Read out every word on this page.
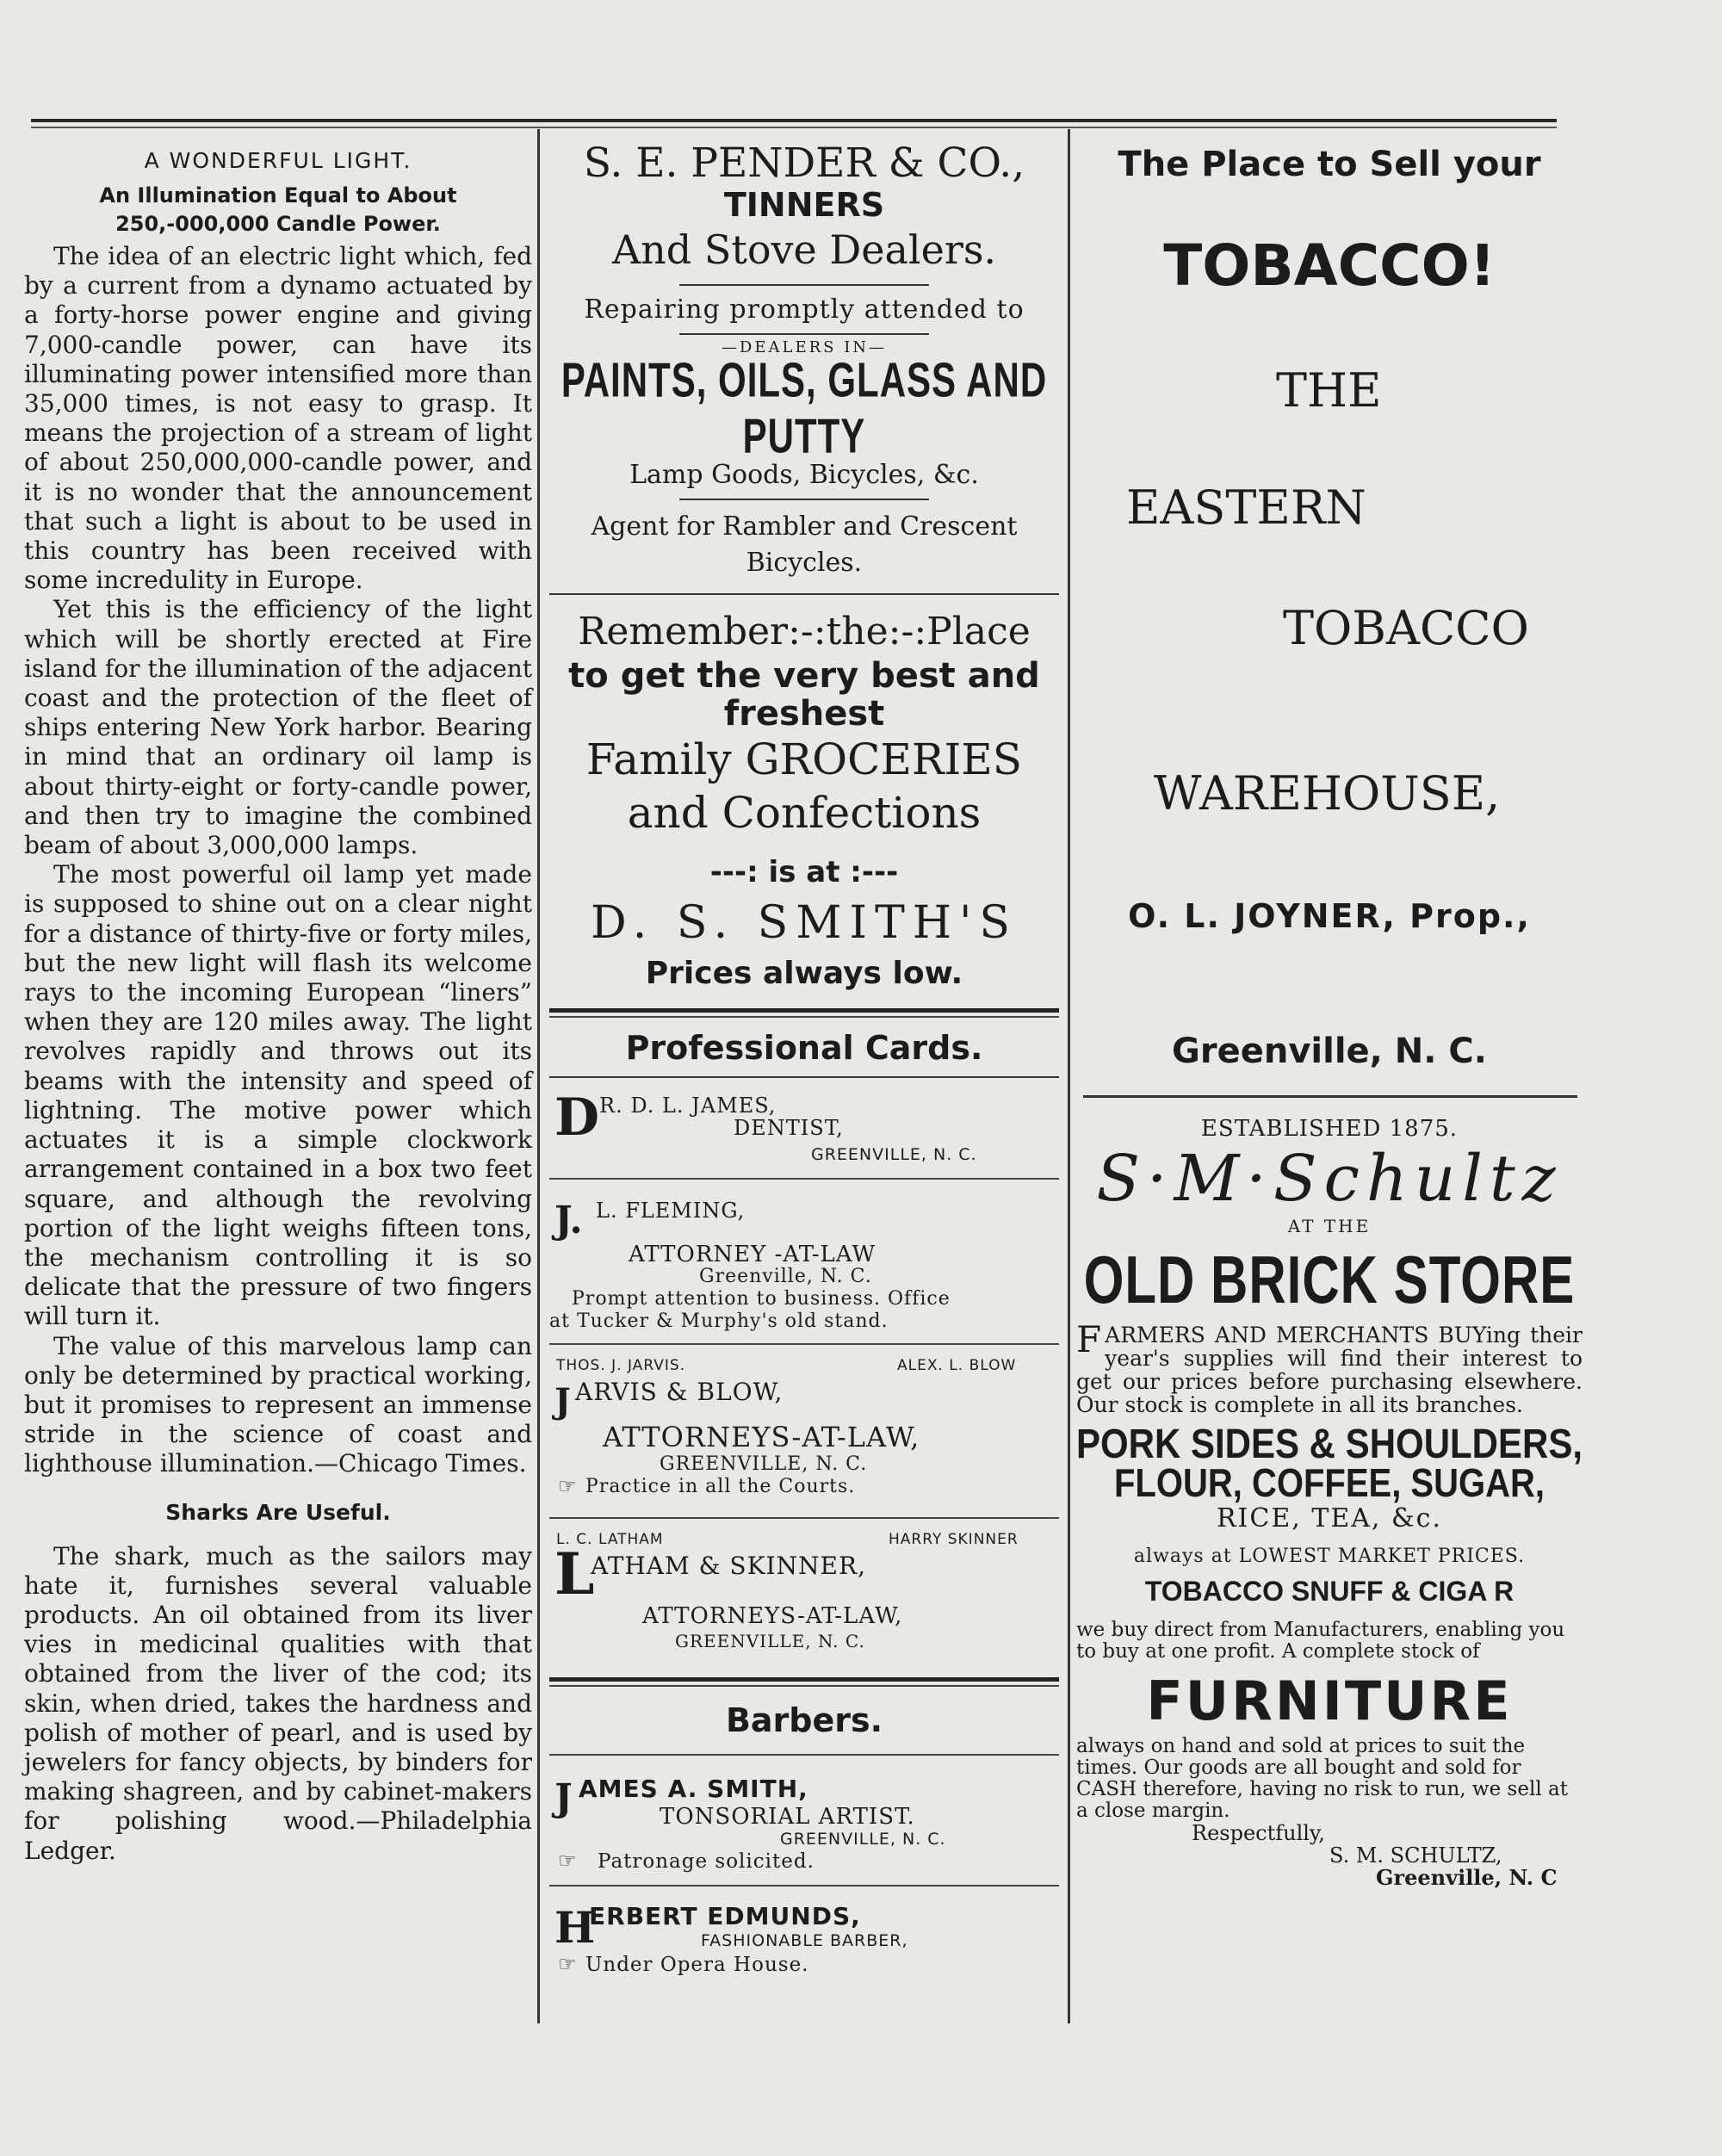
A WONDERFUL LIGHT.
An Illumination Equal to About 250,-000,000 Candle Power.

The idea of an electric light which, fed by a current from a dynamo actuated by a forty-horse power engine and giving 7,000-candle power, can have its illuminating power intensified more than 35,000 times, is not easy to grasp. It means the projection of a stream of light of about 250,000,000-candle power, and it is no wonder that the announcement that such a light is about to be used in this country has been received with some incredulity in Europe.

Yet this is the efficiency of the light which will be shortly erected at Fire island for the illumination of the adjacent coast and the protection of the fleet of ships entering New York harbor. Bearing in mind that an ordinary oil lamp is about thirty-eight or forty-candle power, and then try to imagine the combined beam of about 3,000,000 lamps.

The most powerful oil lamp yet made is supposed to shine out on a clear night for a distance of thirty-five or forty miles, but the new light will flash its welcome rays to the incoming European “liners” when they are 120 miles away. The light revolves rapidly and throws out its beams with the intensity and speed of lightning. The motive power which actuates it is a simple clockwork arrangement contained in a box two feet square, and although the revolving portion of the light weighs fifteen tons, the mechanism controlling it is so delicate that the pressure of two fingers will turn it.

The value of this marvelous lamp can only be determined by practical working, but it promises to represent an immense stride in the science of coast and lighthouse illumination.—Chicago Times.

Sharks Are Useful.

The shark, much as the sailors may hate it, furnishes several valuable products. An oil obtained from its liver vies in medicinal qualities with that obtained from the liver of the cod; its skin, when dried, takes the hardness and polish of mother of pearl, and is used by jewelers for fancy objects, by binders for making shagreen, and by cabinet-makers for polishing wood.—Philadelphia Ledger.

S. E. PENDER & CO.,
TINNERS
And Stove Dealers.
Repairing promptly attended to
—DEALERS IN—
PAINTS, OILS, GLASS AND PUTTY
Lamp Goods, Bicycles, &c.
Agent for Rambler and Crescent Bicycles.
Remember:-:the:-:Place
to get the very best and freshest
Family GROCERIES and Confections
---: is at :---
D. S. SMITH'S
Prices always low.
Professional Cards.
D R. D. L. JAMES,
DENTIST,
GREENVILLE, N. C.
J. L. FLEMING,
ATTORNEY -AT-LAW
Greenville, N. C.
Prompt attention to business. Office
at Tucker & Murphy's old stand.
THOS. J. JARVIS.	ALEX. L. BLOW
J ARVIS & BLOW,
ATTORNEYS-AT-LAW,
GREENVILLE, N. C.
☞ Practice in all the Courts.
L. C. LATHAM	HARRY SKINNER
L
ATHAM & SKINNER,
ATTORNEYS-AT-LAW,
GREENVILLE, N. C.
Barbers.
J AMES A. SMITH,
TONSORIAL ARTIST.
GREENVILLE, N. C.
☞ Patronage solicited.
H
ERBERT EDMUNDS,
FASHIONABLE BARBER,
☞ Under Opera House.
The Place to Sell your
TOBACCO!
THE
EASTERN
TOBACCO
WAREHOUSE,
O. L. JOYNER, Prop.,
Greenville, N. C.
ESTABLISHED 1875.
S·M·Schultz
AT THE
OLD BRICK STORE
FARMERS AND MERCHANTS BUYing their year's supplies will find their interest to get our prices before purchasing elsewhere. Our stock is complete in all its branches.
PORK SIDES & SHOULDERS,
FLOUR, COFFEE, SUGAR,
RICE, TEA, &c.
always at LOWEST MARKET PRICES.
TOBACCO SNUFF & CIGA R
we buy direct from Manufacturers, enabling you to buy at one profit. A complete stock of
FURNITURE
always on hand and sold at prices to suit the times. Our goods are all bought and sold for CASH therefore, having no risk to run, we sell at a close margin.
Respectfully,
S. M. SCHULTZ,
Greenville, N. C
